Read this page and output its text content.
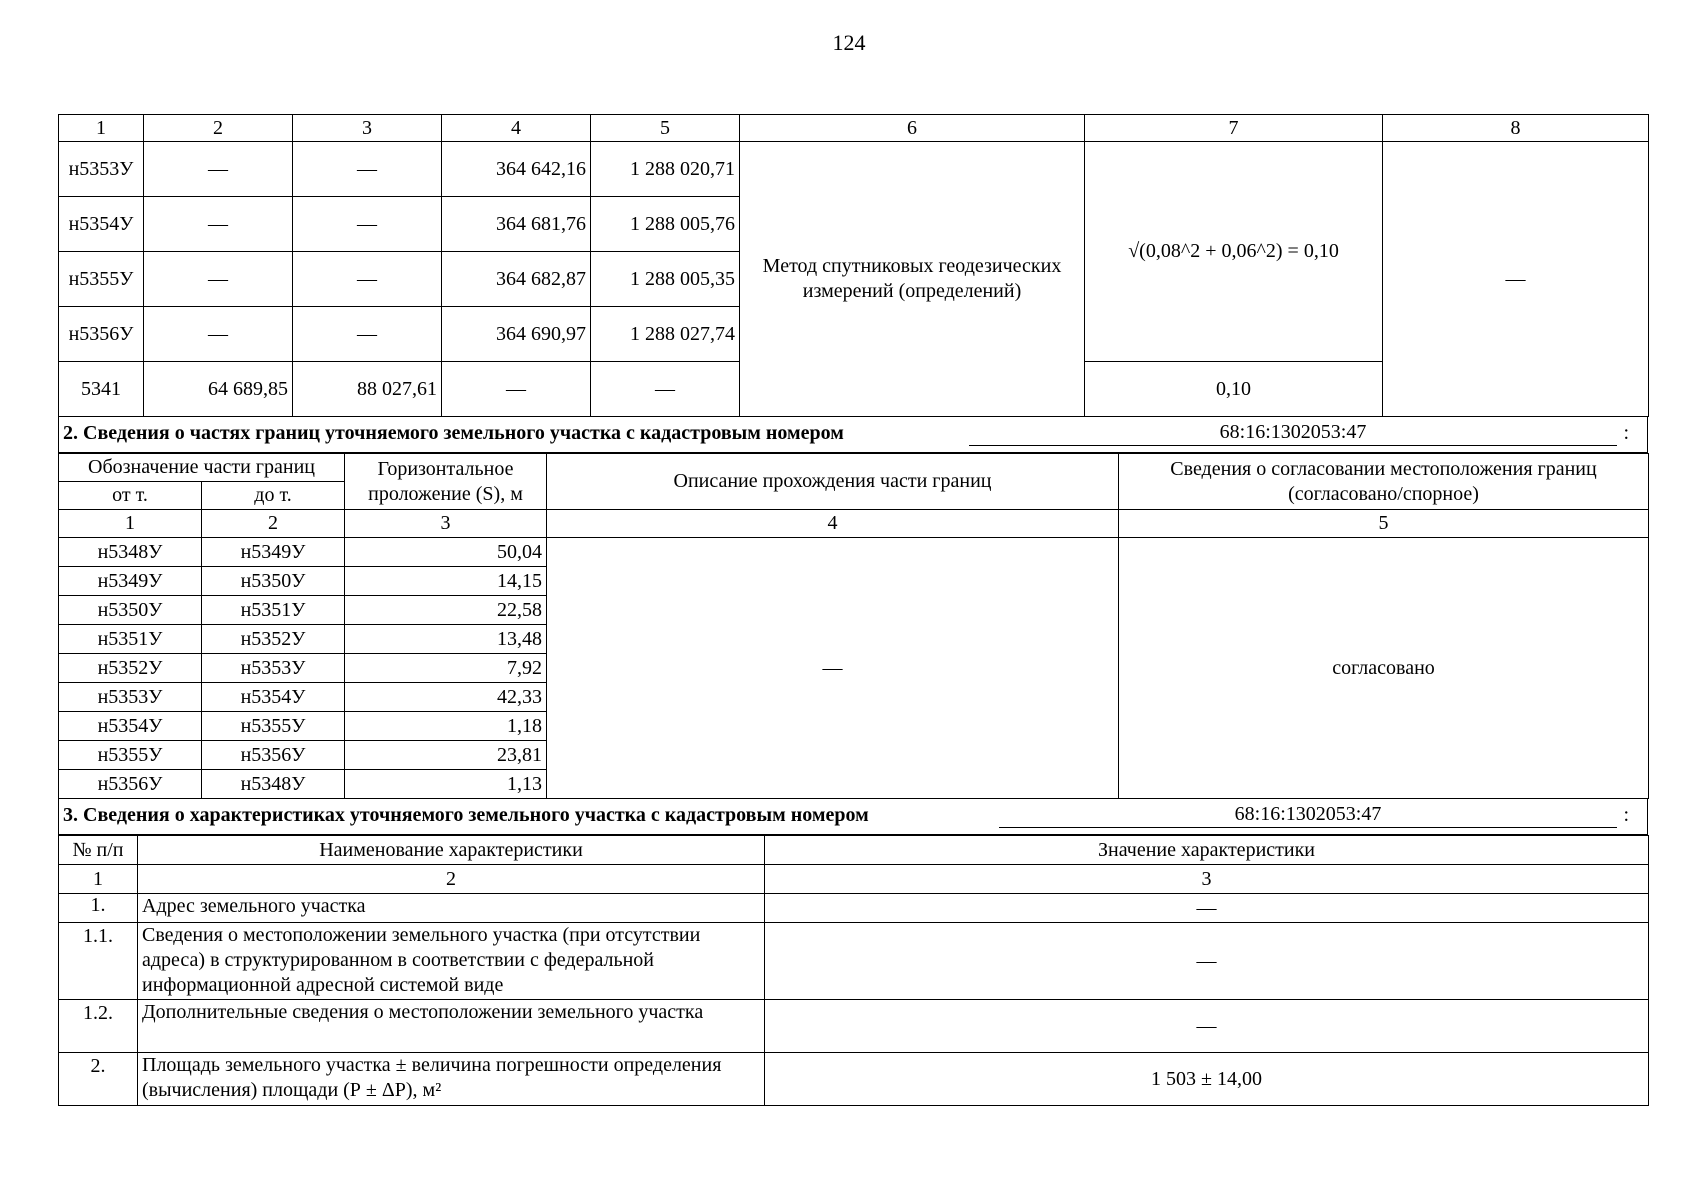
124
1	2	3	4	5	6	7	8
н5353У	—	—	364 642,16	1 288 020,71	Метод спутниковых геодезических измерений (определений)	√(0,08^2 + 0,06^2) = 0,10	—
н5354У	—	—	364 681,76	1 288 005,76			
н5355У	—	—	364 682,87	1 288 005,35			
н5356У	—	—	364 690,97	1 288 027,74			
5341	64 689,85	88 027,61	—	—		0,10	
2. Сведения о частях границ уточняемого земельного участка с кадастровым номером	68:16:1302053:47	:
Обозначение части границ		Горизонтальное проложение (S), м	Описание прохождения части границ	Сведения о согласовании местоположения границ (согласовано/спорное)
от т.	до т.			
1	2	3	4	5
н5348У	н5349У	50,04	—	согласовано
н5349У	н5350У	14,15		
н5350У	н5351У	22,58		
н5351У	н5352У	13,48		
н5352У	н5353У	7,92		
н5353У	н5354У	42,33		
н5354У	н5355У	1,18		
н5355У	н5356У	23,81		
н5356У	н5348У	1,13		
3. Сведения о характеристиках уточняемого земельного участка с кадастровым номером	68:16:1302053:47	:
№ п/п	Наименование характеристики	Значение характеристики
1	2	3
1.	Адрес земельного участка	—
1.1.	Сведения о местоположении земельного участка (при отсутствии адреса) в структурированном в соответствии с федеральной информационной адресной системой виде	—
1.2.	Дополнительные сведения о местоположении земельного участка	—
2.	Площадь земельного участка ± величина погрешности определения (вычисления) площади (Р ± ΔР), м²	1 503 ± 14,00
